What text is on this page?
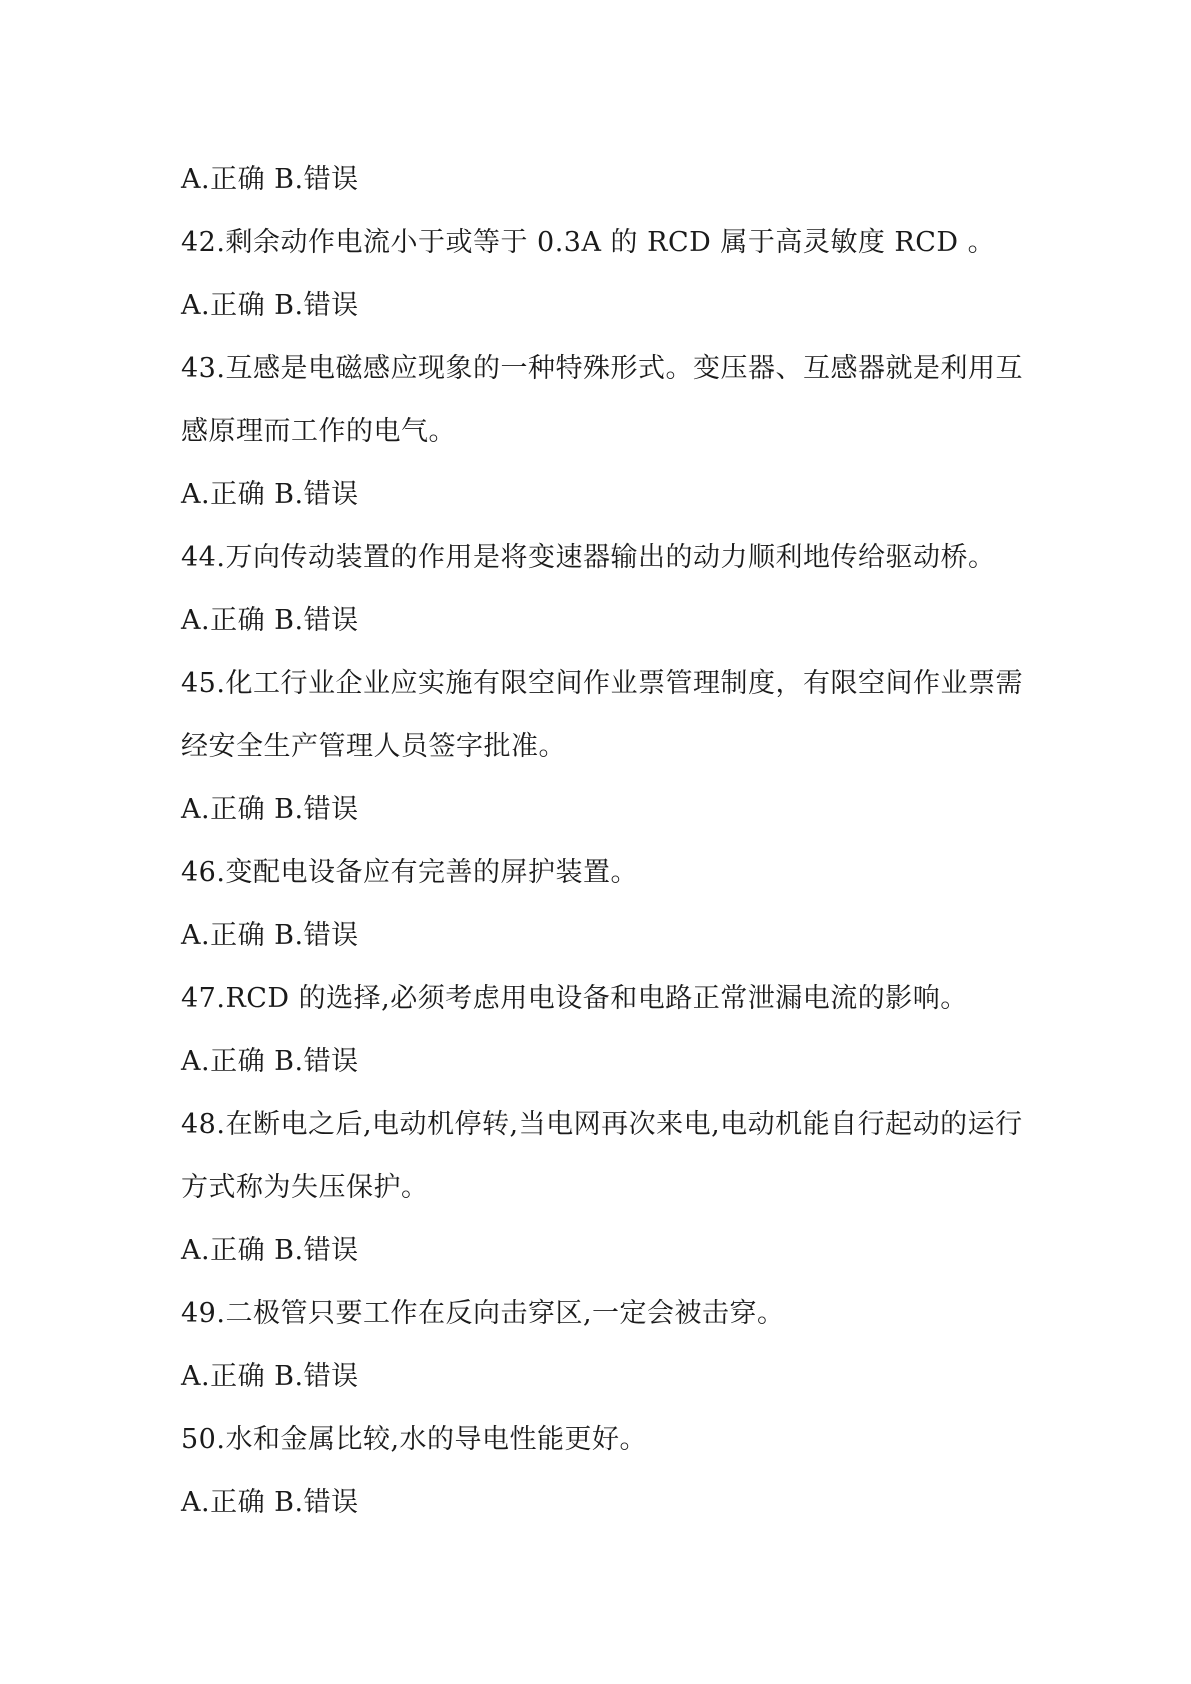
A.正确 B.错误
42.剩余动作电流小于或等于 0.3A 的 RCD 属于高灵敏度 RCD 。
A.正确 B.错误
43.互感是电磁感应现象的一种特殊形式。变压器、互感器就是利用互
感原理而工作的电气。
A.正确 B.错误
44.万向传动装置的作用是将变速器输出的动力顺利地传给驱动桥。
A.正确 B.错误
45.化工行业企业应实施有限空间作业票管理制度，有限空间作业票需
经安全生产管理人员签字批准。
A.正确 B.错误
46.变配电设备应有完善的屏护装置。
A.正确 B.错误
47.RCD 的选择,必须考虑用电设备和电路正常泄漏电流的影响。
A.正确 B.错误
48.在断电之后,电动机停转,当电网再次来电,电动机能自行起动的运行
方式称为失压保护。
A.正确 B.错误
49.二极管只要工作在反向击穿区,一定会被击穿。
A.正确 B.错误
50.水和金属比较,水的导电性能更好。
A.正确 B.错误
